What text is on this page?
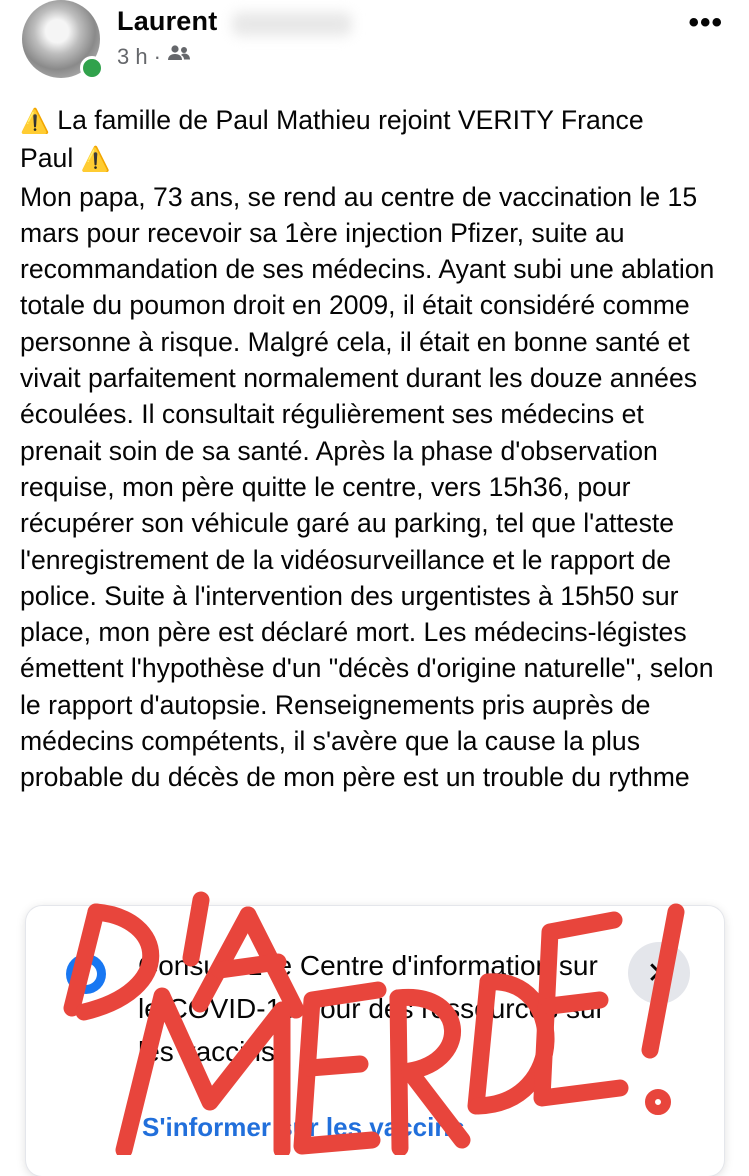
Laurent
3 h ·
•••
⚠️ La famille de Paul Mathieu rejoint VERITY France
Paul ⚠️
Mon papa, 73 ans, se rend au centre de vaccination le 15 mars pour recevoir sa 1ère injection Pfizer, suite au recommandation de ses médecins. Ayant subi une ablation totale du poumon droit en 2009, il était considéré comme personne à risque. Malgré cela, il était en bonne santé et vivait parfaitement normalement durant les douze années écoulées. Il consultait régulièrement ses médecins et prenait soin de sa santé. Après la phase d'observation requise, mon père quitte le centre, vers 15h36, pour récupérer son véhicule garé au parking, tel que l'atteste l'enregistrement de la vidéosurveillance et le rapport de police. Suite à l'intervention des urgentistes à 15h50 sur place, mon père est déclaré mort. Les médecins-légistes émettent l'hypothèse d'un "décès d'origine naturelle", selon le rapport d'autopsie. Renseignements pris auprès de médecins compétents, il s'avère que la cause la plus probable du décès de mon père est un trouble du rythme
Consultez le Centre d'information sur le COVID-19 pour des ressources sur les vaccins
✕
S'informer sur les vaccins
